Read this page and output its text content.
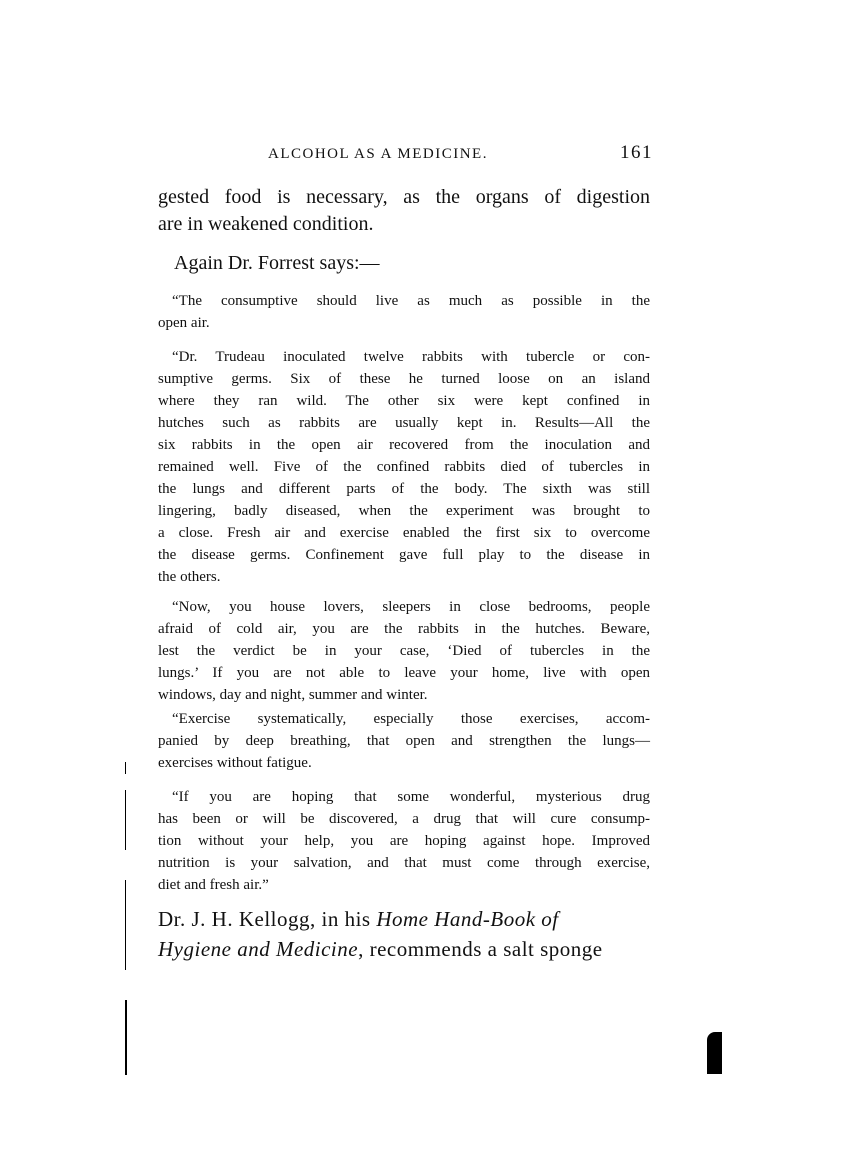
ALCOHOL AS A MEDICINE.	161
gested food is necessary, as the organs of digestion
are in weakened condition.
Again Dr. Forrest says:—
“The consumptive should live as much as possible in the
open air.
“Dr. Trudeau inoculated twelve rabbits with tubercle or con-
sumptive germs. Six of these he turned loose on an island
where they ran wild. The other six were kept confined in
hutches such as rabbits are usually kept in. Results—All the
six rabbits in the open air recovered from the inoculation and
remained well. Five of the confined rabbits died of tubercles in
the lungs and different parts of the body. The sixth was still
lingering, badly diseased, when the experiment was brought to
a close. Fresh air and exercise enabled the first six to overcome
the disease germs. Confinement gave full play to the disease in
the others.
“Now, you house lovers, sleepers in close bedrooms, people
afraid of cold air, you are the rabbits in the hutches. Beware,
lest the verdict be in your case, ‘Died of tubercles in the
lungs.’ If you are not able to leave your home, live with open
windows, day and night, summer and winter.
“Exercise systematically, especially those exercises, accom-
panied by deep breathing, that open and strengthen the lungs—
exercises without fatigue.
“If you are hoping that some wonderful, mysterious drug
has been or will be discovered, a drug that will cure consump-
tion without your help, you are hoping against hope. Improved
nutrition is your salvation, and that must come through exercise,
diet and fresh air.”
Dr. J. H. Kellogg, in his Home Hand-Book of
Hygiene and Medicine, recommends a salt sponge
